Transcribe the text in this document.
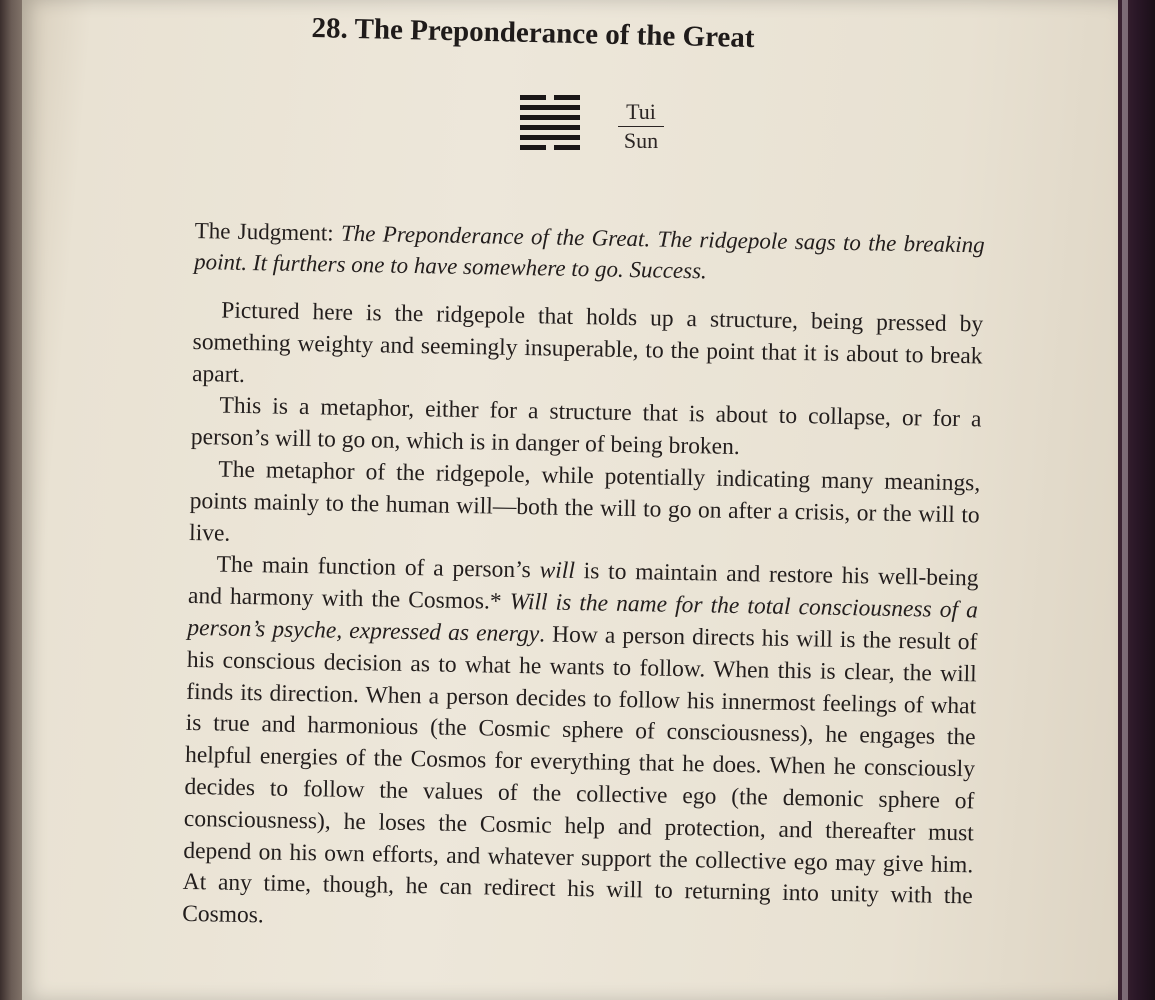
28. The Preponderance of the Great
Tui
Sun

The Judgment: The Preponderance of the Great. The ridgepole sags to the breaking point. It furthers one to have somewhere to go. Success.

Pictured here is the ridgepole that holds up a structure, being pressed by something weighty and seemingly insuperable, to the point that it is about to break apart.

This is a metaphor, either for a structure that is about to collapse, or for a person’s will to go on, which is in danger of being broken.

The metaphor of the ridgepole, while potentially indicating many meanings, points mainly to the human will—both the will to go on after a crisis, or the will to live.

The main function of a person’s will is to maintain and restore his well-being and harmony with the Cosmos.* Will is the name for the total consciousness of a person’s psyche, expressed as energy. How a person directs his will is the result of his conscious decision as to what he wants to follow. When this is clear, the will finds its direction. When a person decides to follow his innermost feelings of what is true and harmonious (the Cosmic sphere of consciousness), he engages the helpful energies of the Cosmos for everything that he does. When he consciously decides to follow the values of the collective ego (the demonic sphere of consciousness), he loses the Cosmic help and protection, and thereafter must depend on his own efforts, and whatever support the collective ego may give him. At any time, though, he can redirect his will to returning into unity with the Cosmos.
